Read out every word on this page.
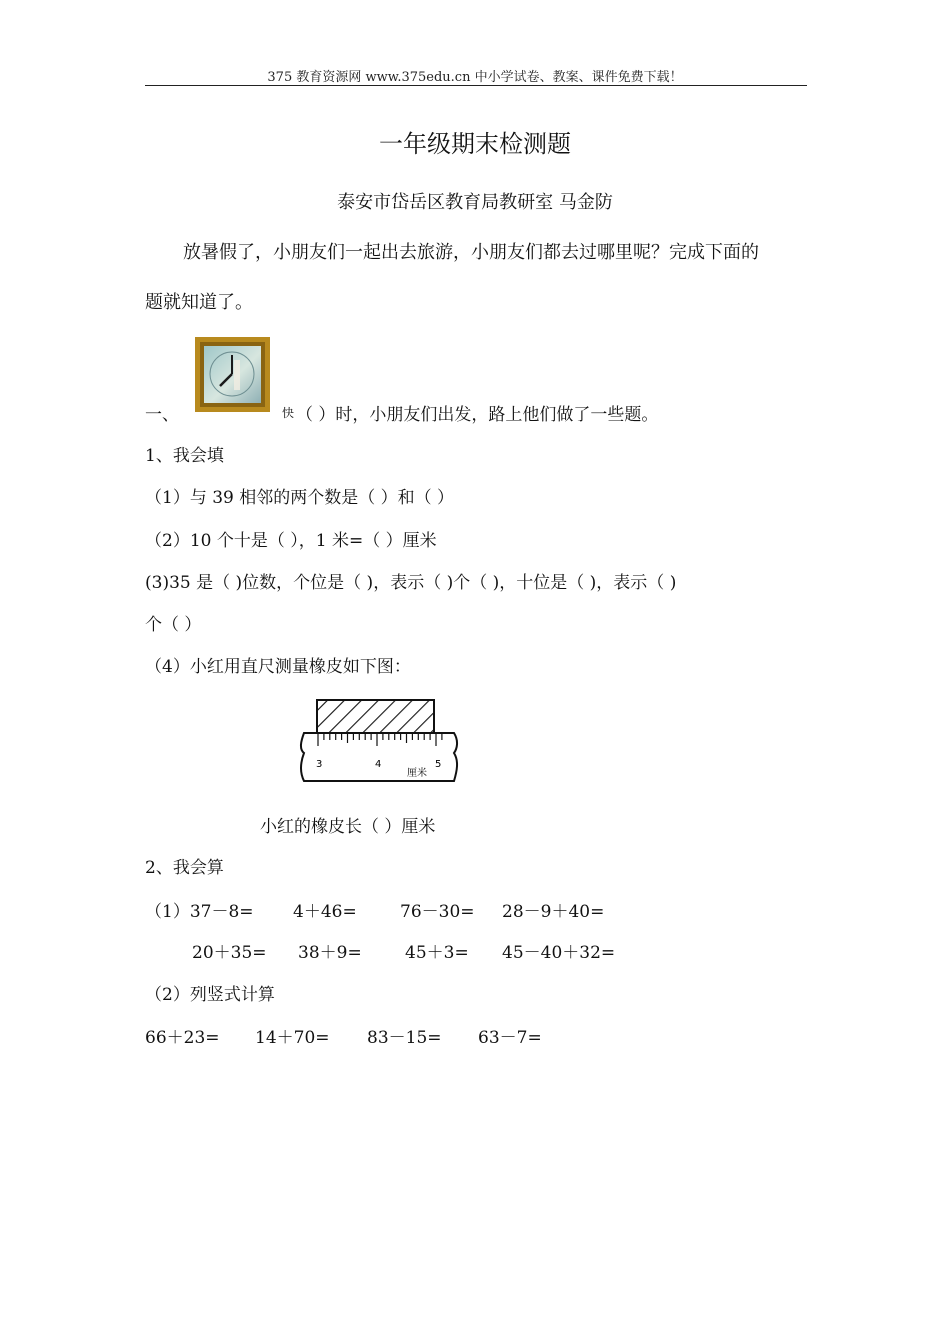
375 教育资源网 www.375edu.cn 中小学试卷、教案、课件免费下载！
一年级期末检测题
泰安市岱岳区教育局教研室 马金防
放暑假了，小朋友们一起出去旅游，小朋友们都去过哪里呢？完成下面的
题就知道了。
一、	快 （ ）时，小朋友们出发，路上他们做了一些题。
1、我会填
（1）与 39 相邻的两个数是（ ）和（ ）
（2）10 个十是（ ），1 米=（ ）厘米
(3)35 是（ )位数，个位是（ )，表示（ )个（ )，十位是（ )，表示（ )
个（ ）
（4）小红用直尺测量橡皮如下图：
3	4	5
厘米
小红的橡皮长（ ）厘米
2、我会算
（1）37－8= 4＋46=	76－30= 28－9＋40=
20＋35= 38＋9=	45＋3= 45－40＋32=
（2）列竖式计算
66＋23= 14＋70= 83－15= 63－7=
